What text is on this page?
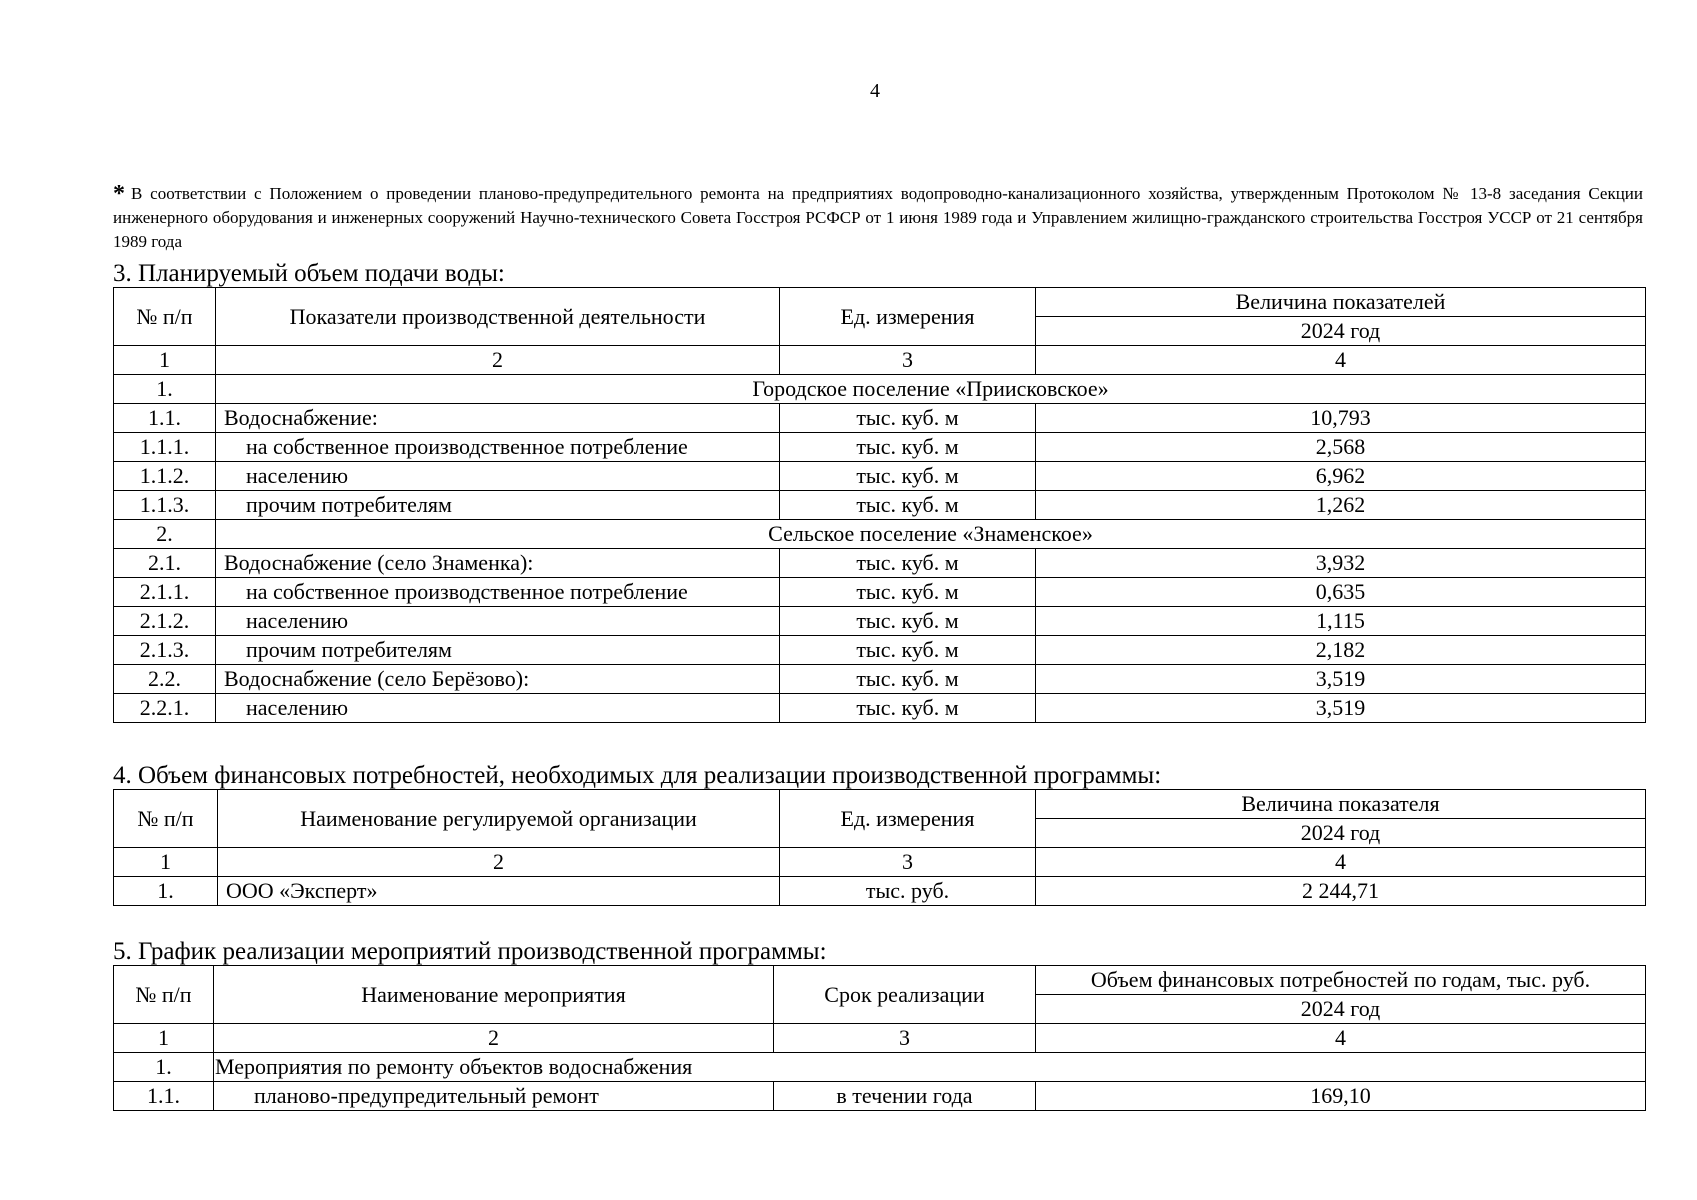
4
* В соответствии с Положением о проведении планово-предупредительного ремонта на предприятиях водопроводно-канализационного хозяйства, утвержденным Протоколом № 13-8 заседания Секции инженерного оборудования и инженерных сооружений Научно-технического Совета Госстроя РСФСР от 1 июня 1989 года и Управлением жилищно-гражданского строительства Госстроя УССР от 21 сентября 1989 года
3. Планируемый объем подачи воды:
№ п/п	Показатели производственной деятельности	Ед. измерения	Величина показателей
			2024 год
1	2	3	4
1.	Городское поселение «Приисковское»		
1.1.	Водоснабжение:	тыс. куб. м	10,793
1.1.1.	на собственное производственное потребление	тыс. куб. м	2,568
1.1.2.	населению	тыс. куб. м	6,962
1.1.3.	прочим потребителям	тыс. куб. м	1,262
2.	Сельское поселение «Знаменское»		
2.1.	Водоснабжение (село Знаменка):	тыс. куб. м	3,932
2.1.1.	на собственное производственное потребление	тыс. куб. м	0,635
2.1.2.	населению	тыс. куб. м	1,115
2.1.3.	прочим потребителям	тыс. куб. м	2,182
2.2.	Водоснабжение (село Берёзово):	тыс. куб. м	3,519
2.2.1.	населению	тыс. куб. м	3,519
4. Объем финансовых потребностей, необходимых для реализации производственной программы:
№ п/п	Наименование регулируемой организации	Ед. измерения	Величина показателя
			2024 год
1	2	3	4
1.	ООО «Эксперт»	тыс. руб.	2 244,71
5. График реализации мероприятий производственной программы:
№ п/п	Наименование мероприятия	Срок реализации	Объем финансовых потребностей по годам, тыс. руб.
			2024 год
1	2	3	4
1.	Мероприятия по ремонту объектов водоснабжения		
1.1.	планово-предупредительный ремонт	в течении года	169,10
